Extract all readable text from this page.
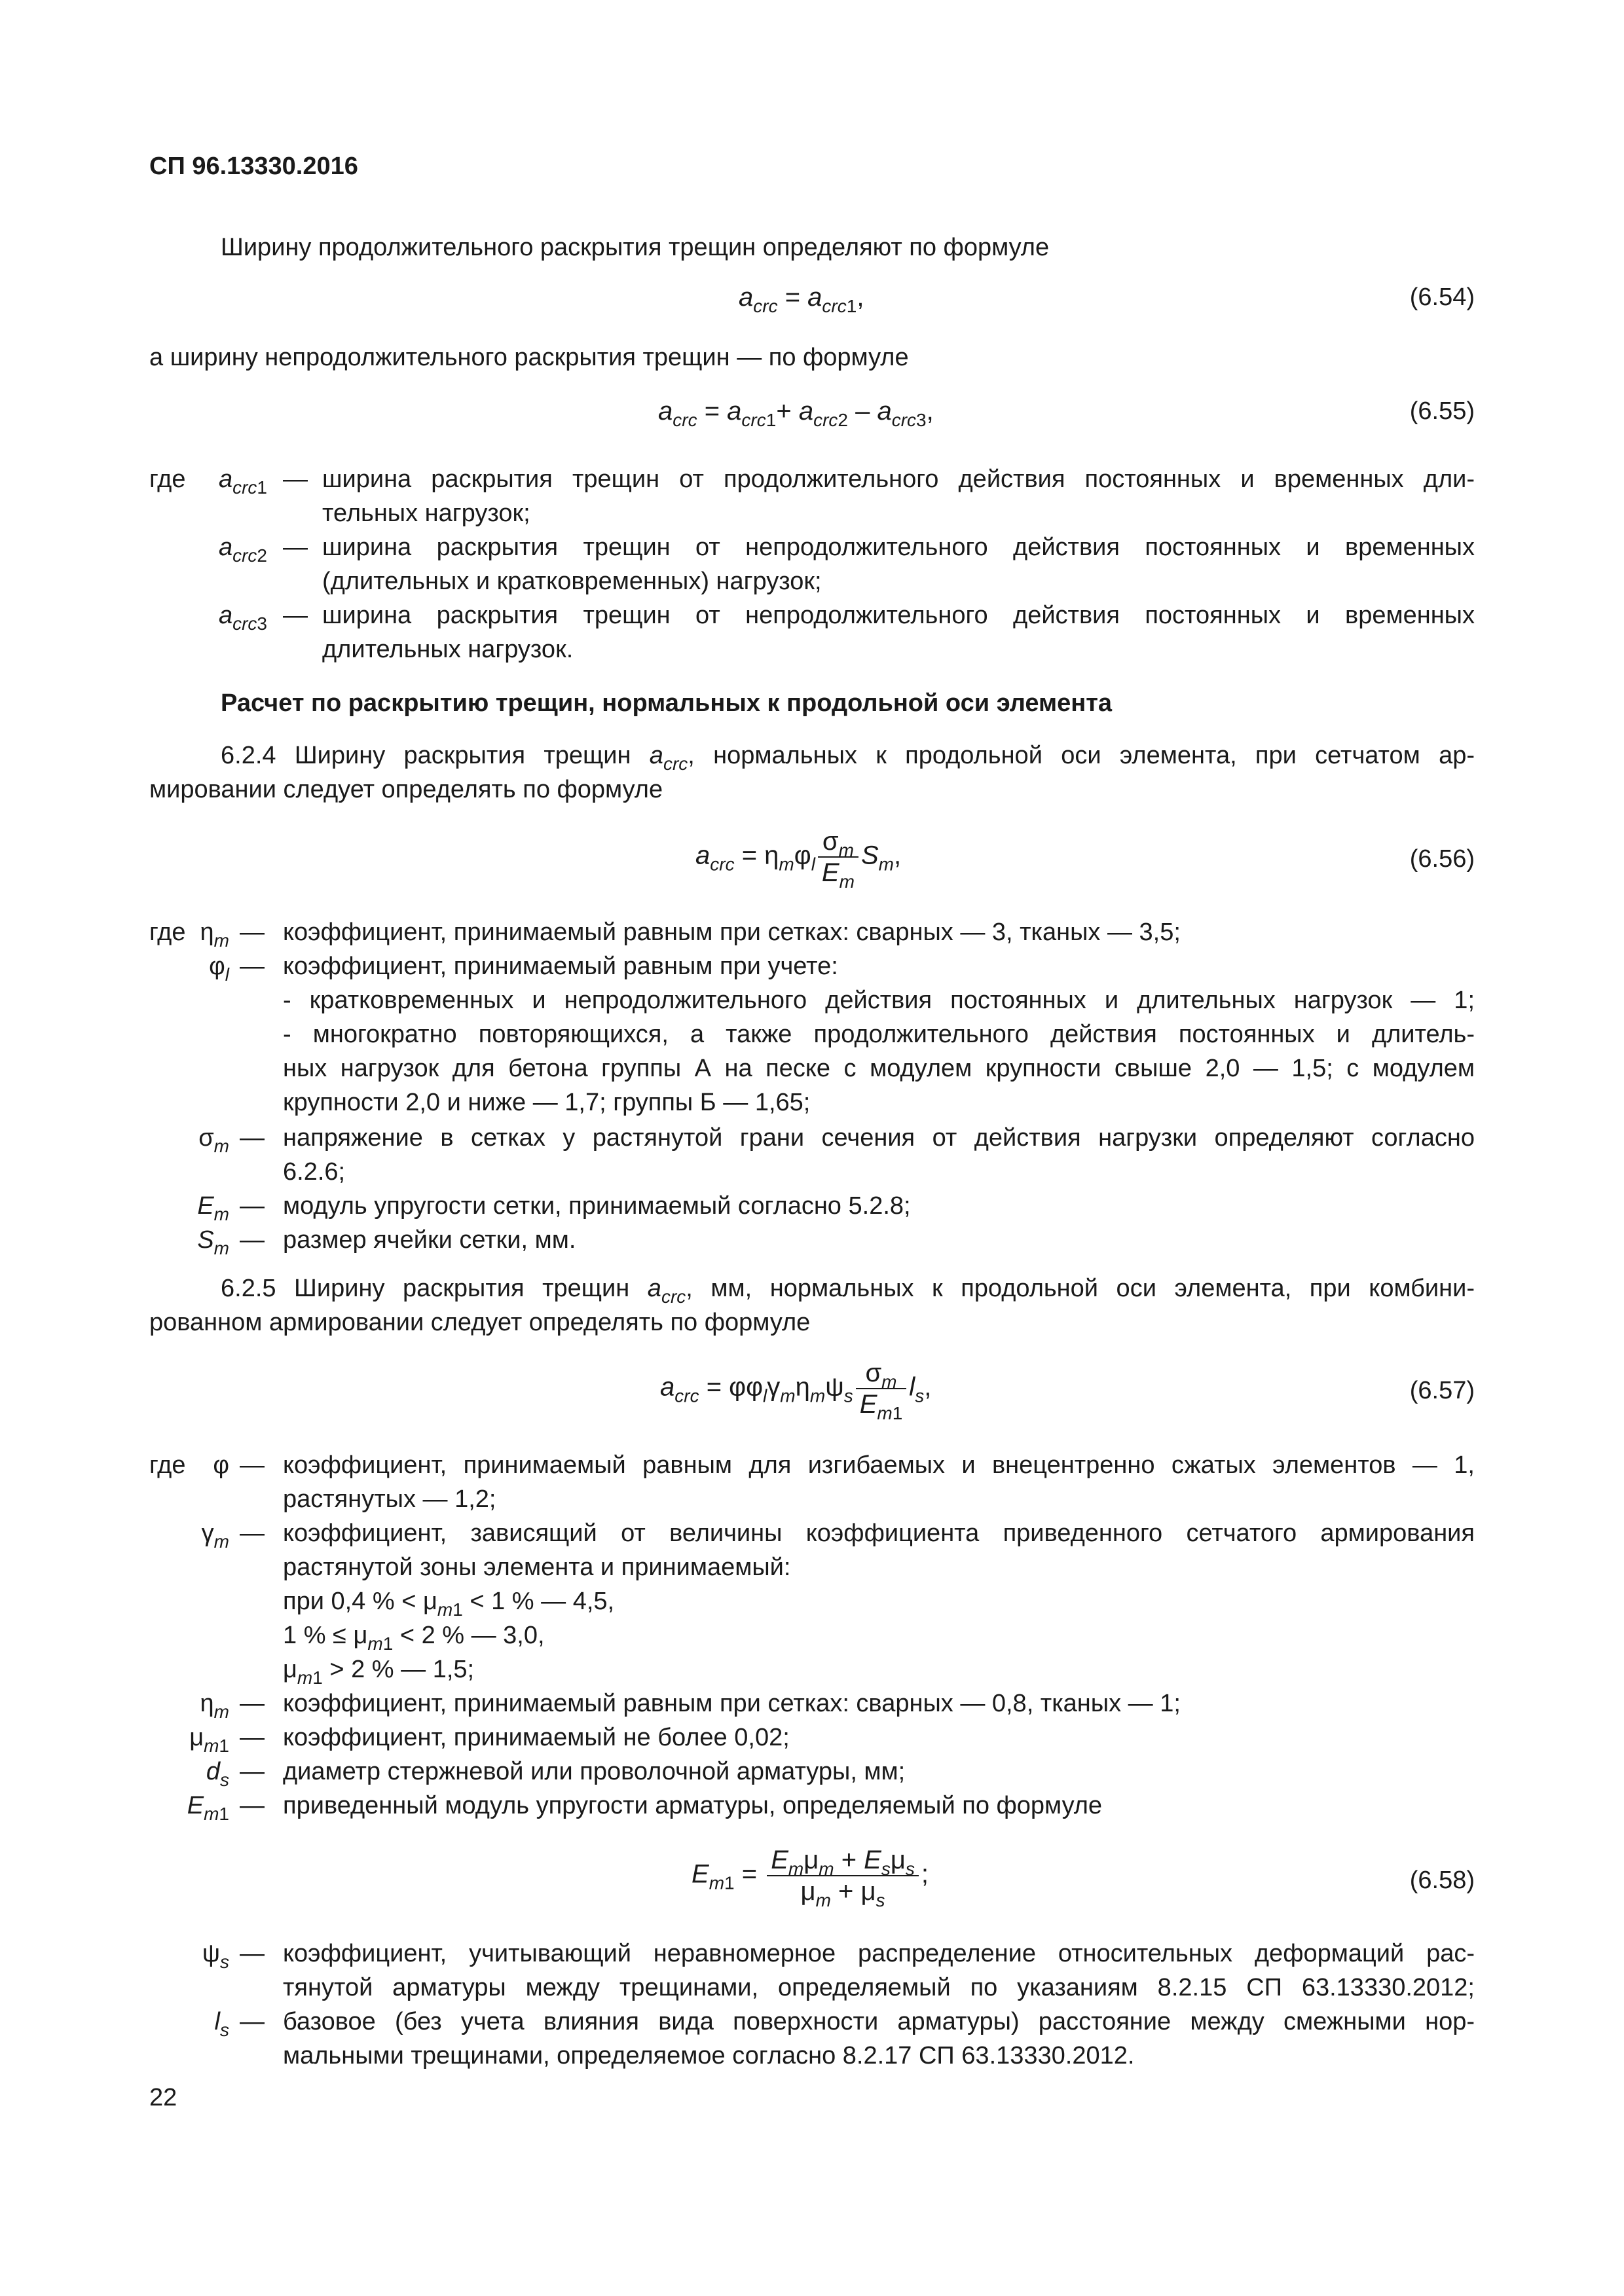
СП 96.13330.2016
Ширину продолжительного раскрытия трещин определяют по формуле
$a_{crc} = a_{crc1}$,	(6.54)
а ширину непродолжительного раскрытия трещин — по формуле
$a_{crc} = a_{crc1}+ a_{crc2} - a_{crc3}$,	(6.55)
где	$a_{crc1}$ — ширина раскрытия трещин от продолжительного действия постоянных и временных дли-
тельных нагрузок;
$a_{crc2}$ — ширина раскрытия трещин от непродолжительного действия постоянных и временных
(длительных и кратковременных) нагрузок;
$a_{crc3}$ — ширина раскрытия трещин от непродолжительного действия постоянных и временных
длительных нагрузок.
Расчет по раскрытию трещин, нормальных к продольной оси элемента
6.2.4 Ширину раскрытия трещин $a_{crc}$, нормальных к продольной оси элемента, при сетчатом ар-
мировании следует определять по формуле
$a_{crc} = \eta_m\varphi_l \frac{\sigma_m}{E_m} S_m$,	(6.56)
где $\eta_m$ — коэффициент, принимаемый равным при сетках: сварных — 3, тканых — 3,5;
$\varphi_l$ — коэффициент, принимаемый равным при учете:
- кратковременных и непродолжительного действия постоянных и длительных нагрузок — 1;
- многократно повторяющихся, а также продолжительного действия постоянных и длитель-
ных нагрузок для бетона группы А на песке с модулем крупности свыше 2,0 — 1,5; с модулем
крупности 2,0 и ниже — 1,7; группы Б — 1,65;
$\sigma_m$ — напряжение в сетках у растянутой грани сечения от действия нагрузки определяют согласно
6.2.6;
$E_m$ — модуль упругости сетки, принимаемый согласно 5.2.8;
$S_m$ — размер ячейки сетки, мм.
6.2.5 Ширину раскрытия трещин $a_{crc}$, мм, нормальных к продольной оси элемента, при комбини-
рованном армировании следует определять по формуле
$a_{crc} = \varphi\varphi_l\gamma_m\eta_m\psi_s \frac{\sigma_m}{E_{m1}} l_s$,	(6.57)
где	φ — коэффициент, принимаемый равным для изгибаемых и внецентренно сжатых элементов — 1,
растянутых — 1,2;
$\gamma_m$ — коэффициент, зависящий от величины коэффициента приведенного сетчатого армирования
растянутой зоны элемента и принимаемый:
при 0,4 % < $\mu_{m1} < 1$ % — 4,5,
1 % ≤ $\mu_{m1} < 2$ % — 3,0,
$\mu_{m1} > 2$ % — 1,5;
$\eta_m$ — коэффициент, принимаемый равным при сетках: сварных — 0,8, тканых — 1;
$\mu_{m1}$ — коэффициент, принимаемый не более 0,02;
$d_s$ — диаметр стержневой или проволочной арматуры, мм;
$E_{m1}$ — приведенный модуль упругости арматуры, определяемый по формуле
$E_{m1} = \frac{E_m\mu_m + E_s\mu_s}{\mu_m + \mu_s}$ ;	(6.58)
$\psi_s$ — коэффициент, учитывающий неравномерное распределение относительных деформаций рас-
тянутой арматуры между трещинами, определяемый по указаниям 8.2.15 СП 63.13330.2012;
$l_s$ — базовое (без учета влияния вида поверхности арматуры) расстояние между смежными нор-
мальными трещинами, определяемое согласно 8.2.17 СП 63.13330.2012.
22
